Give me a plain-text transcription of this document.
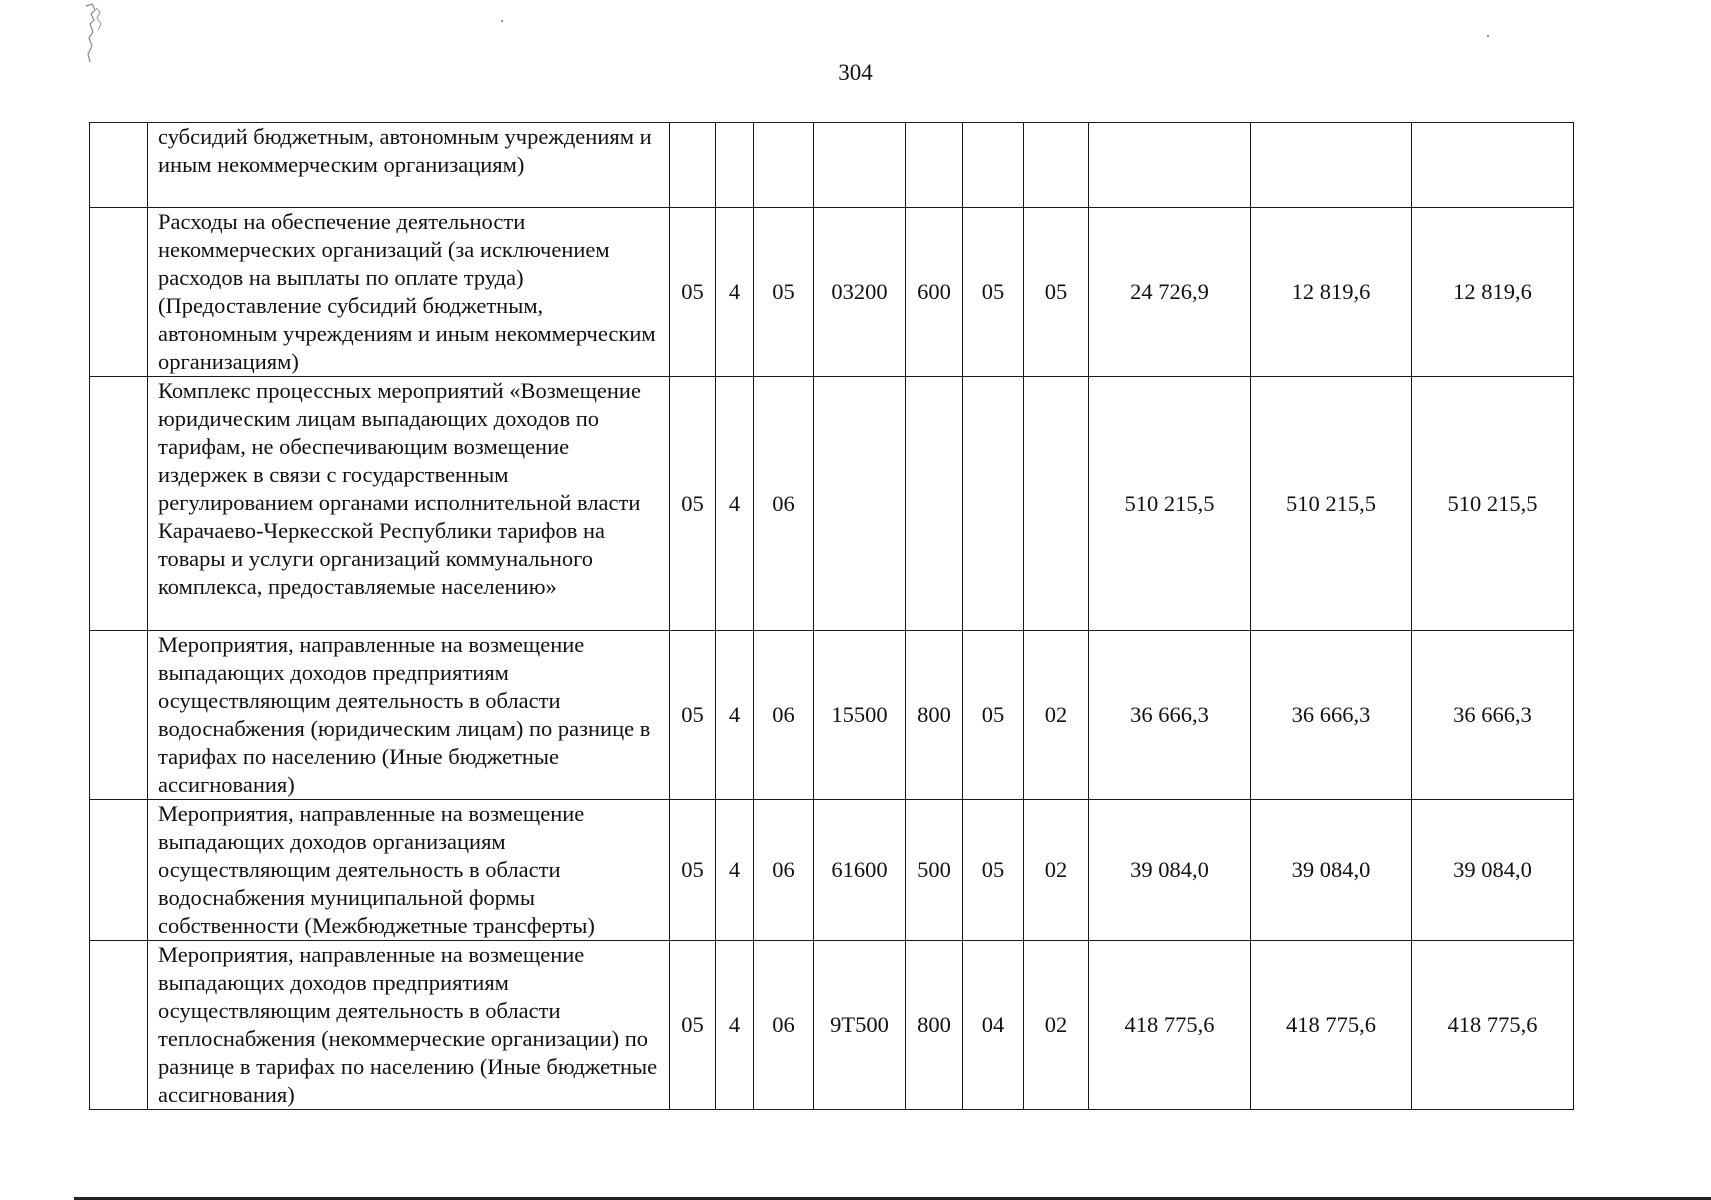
304
	субсидий бюджетным, автономным учреждениям и иным некоммерческим организациям)										
	Расходы на обеспечение деятельности некоммерческих организаций (за исключением расходов на выплаты по оплате труда) (Предоставление субсидий бюджетным, автономным учреждениям и иным некоммерческим организациям)	05	4	05	03200	600	05	05	24 726,9	12 819,6	12 819,6
	Комплекс процессных мероприятий «Возмещение юридическим лицам выпадающих доходов по тарифам, не обеспечивающим возмещение издержек в связи с государственным регулированием органами исполнительной власти Карачаево-Черкесской Республики тарифов на товары и услуги организаций коммунального комплекса, предоставляемые населению»	05	4	06					510 215,5	510 215,5	510 215,5
	Мероприятия, направленные на возмещение выпадающих доходов предприятиям осуществляющим деятельность в области водоснабжения (юридическим лицам) по разнице в тарифах по населению (Иные бюджетные ассигнования)	05	4	06	15500	800	05	02	36 666,3	36 666,3	36 666,3
	Мероприятия, направленные на возмещение выпадающих доходов организациям осуществляющим деятельность в области водоснабжения муниципальной формы собственности (Межбюджетные трансферты)	05	4	06	61600	500	05	02	39 084,0	39 084,0	39 084,0
	Мероприятия, направленные на возмещение выпадающих доходов предприятиям осуществляющим деятельность в области теплоснабжения (некоммерческие организации) по разнице в тарифах по населению (Иные бюджетные ассигнования)	05	4	06	9Т500	800	04	02	418 775,6	418 775,6	418 775,6
